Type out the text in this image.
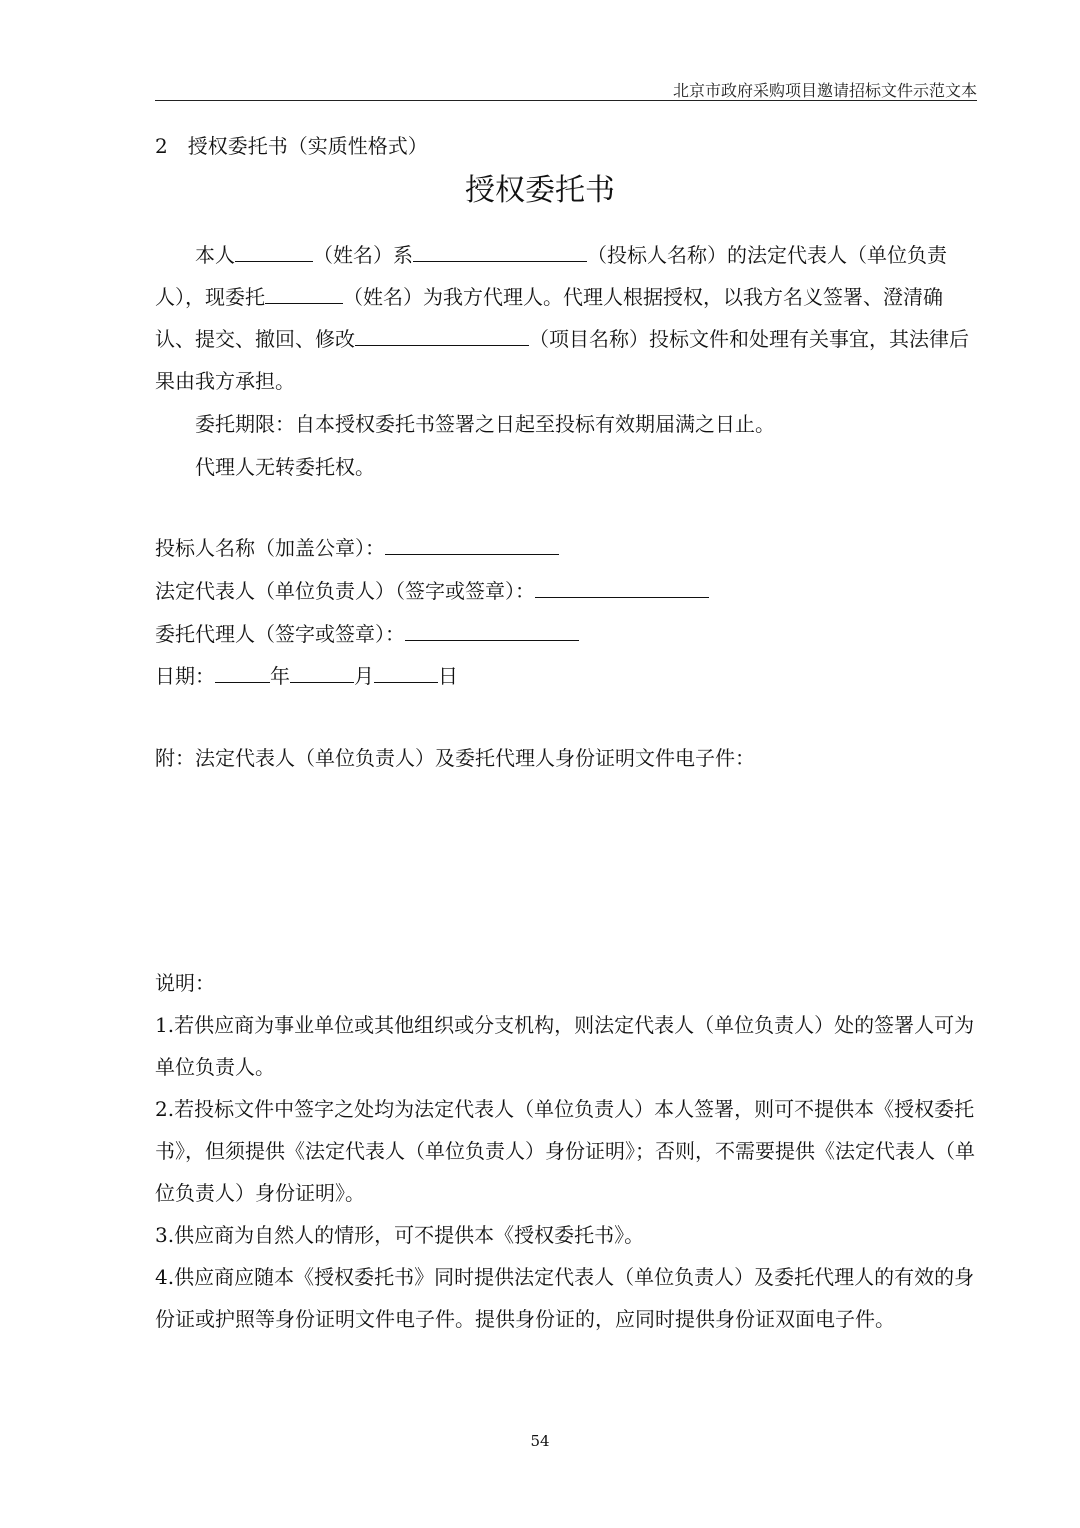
北京市政府采购项目邀请招标文件示范文本
2　授权委托书（实质性格式）
授权委托书

本人	（姓名）系	（投标人名称）的法定代表人（单位负责人），现委托	（姓名）为我方代理人。代理人根据授权，以我方名义签署、澄清确认、提交、撤回、修改	（项目名称）投标文件和处理有关事宜，其法律后果由我方承担。

委托期限：自本授权委托书签署之日起至投标有效期届满之日止。

代理人无转委托权。

投标人名称（加盖公章）：
法定代表人（单位负责人）（签字或签章）：
委托代理人（签字或签章）：
日期：	年	月	日
附：法定代表人（单位负责人）及委托代理人身份证明文件电子件：

说明：

1.若供应商为事业单位或其他组织或分支机构，则法定代表人（单位负责人）处的签署人可为单位负责人。

2.若投标文件中签字之处均为法定代表人（单位负责人）本人签署，则可不提供本《授权委托书》，但须提供《法定代表人（单位负责人）身份证明》；否则，不需要提供《法定代表人（单位负责人）身份证明》。

3.供应商为自然人的情形，可不提供本《授权委托书》。

4.供应商应随本《授权委托书》同时提供法定代表人（单位负责人）及委托代理人的有效的身份证或护照等身份证明文件电子件。提供身份证的，应同时提供身份证双面电子件。

54
